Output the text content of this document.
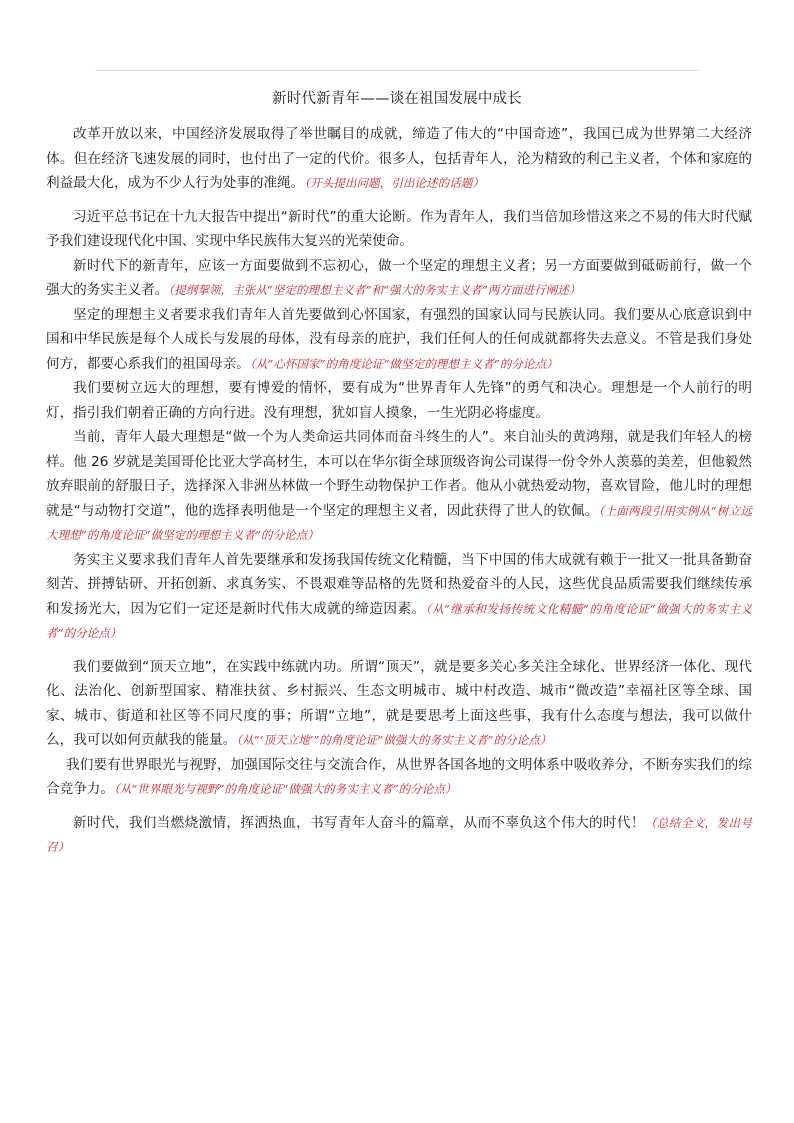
新时代新青年——谈在祖国发展中成长

改革开放以来，中国经济发展取得了举世瞩目的成就，缔造了伟大的“中国奇迹”，我国已成为世界第二大经济体。但在经济飞速发展的同时，也付出了一定的代价。很多人，包括青年人，沦为精致的利己主义者，个体和家庭的利益最大化，成为不少人行为处事的准绳。（开头提出问题，引出论述的话题）

习近平总书记在十九大报告中提出“新时代”的重大论断。作为青年人，我们当倍加珍惜这来之不易的伟大时代赋予我们建设现代化中国、实现中华民族伟大复兴的光荣使命。

新时代下的新青年，应该一方面要做到不忘初心，做一个坚定的理想主义者；另一方面要做到砥砺前行，做一个强大的务实主义者。（提纲挈领，主张从“坚定的理想主义者”和“强大的务实主义者”两方面进行阐述）

坚定的理想主义者要求我们青年人首先要做到心怀国家，有强烈的国家认同与民族认同。我们要从心底意识到中国和中华民族是每个人成长与发展的母体，没有母亲的庇护，我们任何人的任何成就都将失去意义。不管是我们身处何方，都要心系我们的祖国母亲。（从“心怀国家”的角度论证“做坚定的理想主义者”的分论点）

我们要树立远大的理想，要有博爱的情怀，要有成为“世界青年人先锋”的勇气和决心。理想是一个人前行的明灯，指引我们朝着正确的方向行进。没有理想，犹如盲人摸象，一生光阴必将虚度。

当前，青年人最大理想是“做一个为人类命运共同体而奋斗终生的人”。来自汕头的黄鸿翔，就是我们年轻人的榜样。他 26 岁就是美国哥伦比亚大学高材生，本可以在华尔街全球顶级咨询公司谋得一份令外人羡慕的美差，但他毅然放弃眼前的舒服日子，选择深入非洲丛林做一个野生动物保护工作者。他从小就热爱动物，喜欢冒险，他儿时的理想就是“与动物打交道”，他的选择表明他是一个坚定的理想主义者，因此获得了世人的钦佩。（上面两段引用实例从“树立远大理想”的角度论证“做坚定的理想主义者”的分论点）

务实主义要求我们青年人首先要继承和发扬我国传统文化精髓，当下中国的伟大成就有赖于一批又一批具备勤奋刻苦、拼搏钻研、开拓创新、求真务实、不畏艰难等品格的先贤和热爱奋斗的人民，这些优良品质需要我们继续传承和发扬光大，因为它们一定还是新时代伟大成就的缔造因素。（从“继承和发扬传统文化精髓”的角度论证“做强大的务实主义者”的分论点）

我们要做到“顶天立地”，在实践中练就内功。所谓“顶天”，就是要多关心多关注全球化、世界经济一体化、现代化、法治化、创新型国家、精准扶贫、乡村振兴、生态文明城市、城中村改造、城市“微改造”幸福社区等全球、国家、城市、街道和社区等不同尺度的事；所谓“立地”，就是要思考上面这些事，我有什么态度与想法，我可以做什么，我可以如何贡献我的能量。（从“‘顶天立地’”的角度论证“做强大的务实主义者”的分论点）

我们要有世界眼光与视野，加强国际交往与交流合作，从世界各国各地的文明体系中吸收养分，不断夯实我们的综合竞争力。（从“世界眼光与视野”的角度论证“做强大的务实主义者”的分论点）

新时代，我们当燃烧激情，挥洒热血，书写青年人奋斗的篇章，从而不辜负这个伟大的时代！（总结全文，发出号召）
